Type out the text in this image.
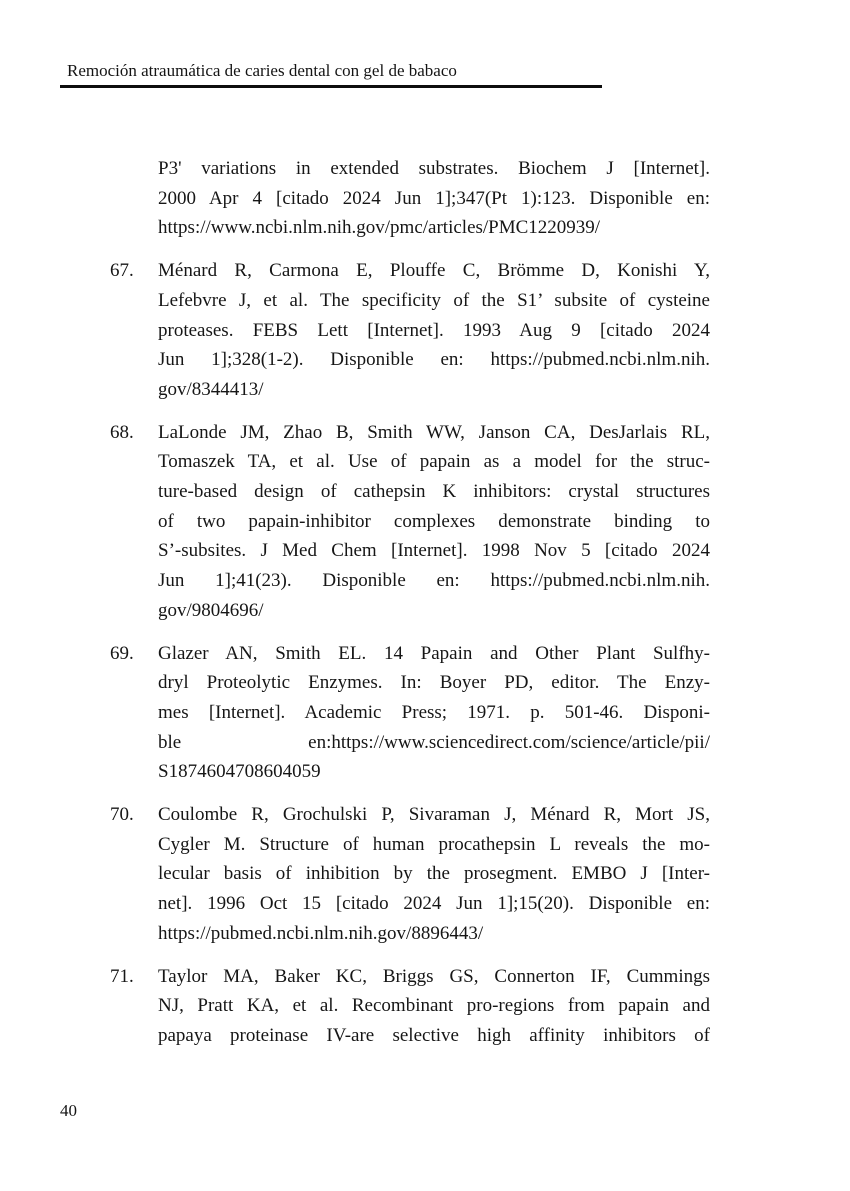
Remoción atraumática de caries dental con gel de babaco
P3' variations in extended substrates. Biochem J [Internet].
2000 Apr 4 [citado 2024 Jun 1];347(Pt 1):123. Disponible en:
https://www.ncbi.nlm.nih.gov/pmc/articles/PMC1220939/
67.	Ménard R, Carmona E, Plouffe C, Brömme D, Konishi Y,
Lefebvre J, et al. The specificity of the S1’ subsite of cysteine
proteases. FEBS Lett [Internet]. 1993 Aug 9 [citado 2024
Jun 1];328(1-2). Disponible en: https://pubmed.ncbi.nlm.nih.
gov/8344413/
68.	LaLonde JM, Zhao B, Smith WW, Janson CA, DesJarlais RL,
Tomaszek TA, et al. Use of papain as a model for the struc-
ture-based design of cathepsin K inhibitors: crystal structures
of two papain-inhibitor complexes demonstrate binding to
S’-subsites. J Med Chem [Internet]. 1998 Nov 5 [citado 2024
Jun 1];41(23). Disponible en: https://pubmed.ncbi.nlm.nih.
gov/9804696/
69.	Glazer AN, Smith EL. 14 Papain and Other Plant Sulfhy-
dryl Proteolytic Enzymes. In: Boyer PD, editor. The Enzy-
mes [Internet]. Academic Press; 1971. p. 501-46. Disponi-
ble en:https://www.sciencedirect.com/science/article/pii/
S1874604708604059
70.	Coulombe R, Grochulski P, Sivaraman J, Ménard R, Mort JS,
Cygler M. Structure of human procathepsin L reveals the mo-
lecular basis of inhibition by the prosegment. EMBO J [Inter-
net]. 1996 Oct 15 [citado 2024 Jun 1];15(20). Disponible en:
https://pubmed.ncbi.nlm.nih.gov/8896443/
71.	Taylor MA, Baker KC, Briggs GS, Connerton IF, Cummings
NJ, Pratt KA, et al. Recombinant pro-regions from papain and
papaya proteinase IV-are selective high affinity inhibitors of
40
